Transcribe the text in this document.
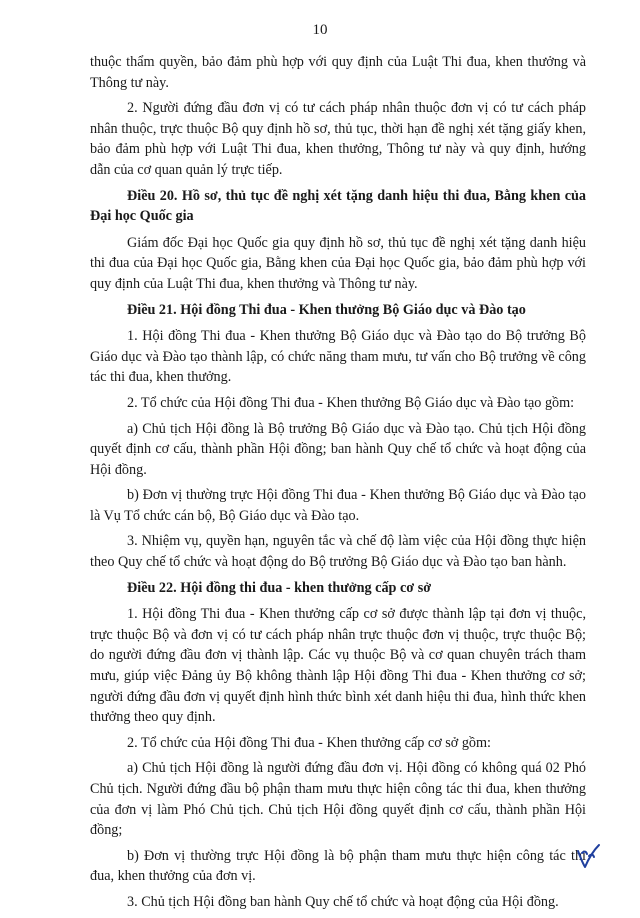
10

thuộc thẩm quyền, bảo đảm phù hợp với quy định của Luật Thi đua, khen thưởng và Thông tư này.

2. Người đứng đầu đơn vị có tư cách pháp nhân thuộc đơn vị có tư cách pháp nhân thuộc, trực thuộc Bộ quy định hồ sơ, thủ tục, thời hạn đề nghị xét tặng giấy khen, bảo đảm phù hợp với Luật Thi đua, khen thưởng, Thông tư này và quy định, hướng dẫn của cơ quan quản lý trực tiếp.

Điều 20. Hồ sơ, thủ tục đề nghị xét tặng danh hiệu thi đua, Bằng khen của Đại học Quốc gia

Giám đốc Đại học Quốc gia quy định hồ sơ, thủ tục đề nghị xét tặng danh hiệu thi đua của Đại học Quốc gia, Bằng khen của Đại học Quốc gia, bảo đảm phù hợp với quy định của Luật Thi đua, khen thưởng và Thông tư này.

Điều 21. Hội đồng Thi đua - Khen thưởng Bộ Giáo dục và Đào tạo

1. Hội đồng Thi đua - Khen thưởng Bộ Giáo dục và Đào tạo do Bộ trưởng Bộ Giáo dục và Đào tạo thành lập, có chức năng tham mưu, tư vấn cho Bộ trưởng về công tác thi đua, khen thưởng.

2. Tổ chức của Hội đồng Thi đua - Khen thưởng Bộ Giáo dục và Đào tạo gồm:

a) Chủ tịch Hội đồng là Bộ trưởng Bộ Giáo dục và Đào tạo. Chủ tịch Hội đồng quyết định cơ cấu, thành phần Hội đồng; ban hành Quy chế tổ chức và hoạt động của Hội đồng.

b) Đơn vị thường trực Hội đồng Thi đua - Khen thưởng Bộ Giáo dục và Đào tạo là Vụ Tổ chức cán bộ, Bộ Giáo dục và Đào tạo.

3. Nhiệm vụ, quyền hạn, nguyên tắc và chế độ làm việc của Hội đồng thực hiện theo Quy chế tổ chức và hoạt động do Bộ trưởng Bộ Giáo dục và Đào tạo ban hành.

Điều 22. Hội đồng thi đua - khen thưởng cấp cơ sở

1. Hội đồng Thi đua - Khen thưởng cấp cơ sở được thành lập tại đơn vị thuộc, trực thuộc Bộ và đơn vị có tư cách pháp nhân trực thuộc đơn vị thuộc, trực thuộc Bộ; do người đứng đầu đơn vị thành lập. Các vụ thuộc Bộ và cơ quan chuyên trách tham mưu, giúp việc Đảng ủy Bộ không thành lập Hội đồng Thi đua - Khen thưởng cơ sở; người đứng đầu đơn vị quyết định hình thức bình xét danh hiệu thi đua, hình thức khen thưởng theo quy định.

2. Tổ chức của Hội đồng Thi đua - Khen thưởng cấp cơ sở gồm:

a) Chủ tịch Hội đồng là người đứng đầu đơn vị. Hội đồng có không quá 02 Phó Chủ tịch. Người đứng đầu bộ phận tham mưu thực hiện công tác thi đua, khen thưởng của đơn vị làm Phó Chủ tịch. Chủ tịch Hội đồng quyết định cơ cấu, thành phần Hội đồng;

b) Đơn vị thường trực Hội đồng là bộ phận tham mưu thực hiện công tác thi đua, khen thưởng của đơn vị.

3. Chủ tịch Hội đồng ban hành Quy chế tổ chức và hoạt động của Hội đồng.
